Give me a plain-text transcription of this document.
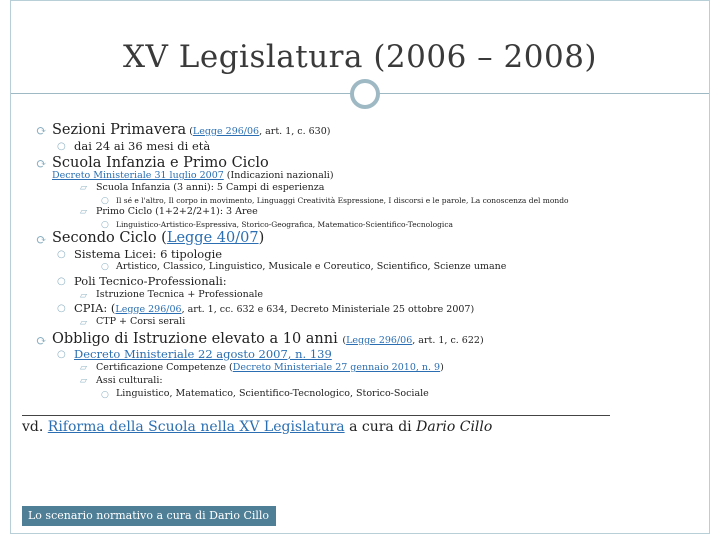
XV Legislatura (2006 – 2008)
⟳ Sezioni Primavera (Legge 296/06, art. 1, c. 630)
○ dai 24 ai 36 mesi di età
⟳ Scuola Infanzia e Primo Ciclo
Decreto Ministeriale 31 luglio 2007 (Indicazioni nazionali)
▱ Scuola Infanzia (3 anni): 5 Campi di esperienza
○ Il sé e l'altro, Il corpo in movimento, Linguaggi Creatività Espressione, I discorsi e le parole, La conoscenza del mondo
▱ Primo Ciclo (1+2+2/2+1): 3 Aree
○ Linguistico-Artistico-Espressiva, Storico-Geografica, Matematico-Scientifico-Tecnologica
⟳ Secondo Ciclo (Legge 40/07)
○ Sistema Licei: 6 tipologie
○ Artistico, Classico, Linguistico, Musicale e Coreutico, Scientifico, Scienze umane
○ Poli Tecnico-Professionali:
▱ Istruzione Tecnica + Professionale
○ CPIA: (Legge 296/06, art. 1, cc. 632 e 634, Decreto Ministeriale 25 ottobre 2007)
▱ CTP + Corsi serali
⟳ Obbligo di Istruzione elevato a 10 anni (Legge 296/06, art. 1, c. 622)
○ Decreto Ministeriale 22 agosto 2007, n. 139
▱ Certificazione Competenze (Decreto Ministeriale 27 gennaio 2010, n. 9)
▱ Assi culturali:
○ Linguistico, Matematico, Scientifico-Tecnologico, Storico-Sociale
vd. Riforma della Scuola nella XV Legislatura a cura di Dario Cillo
Lo scenario normativo a cura di Dario Cillo
